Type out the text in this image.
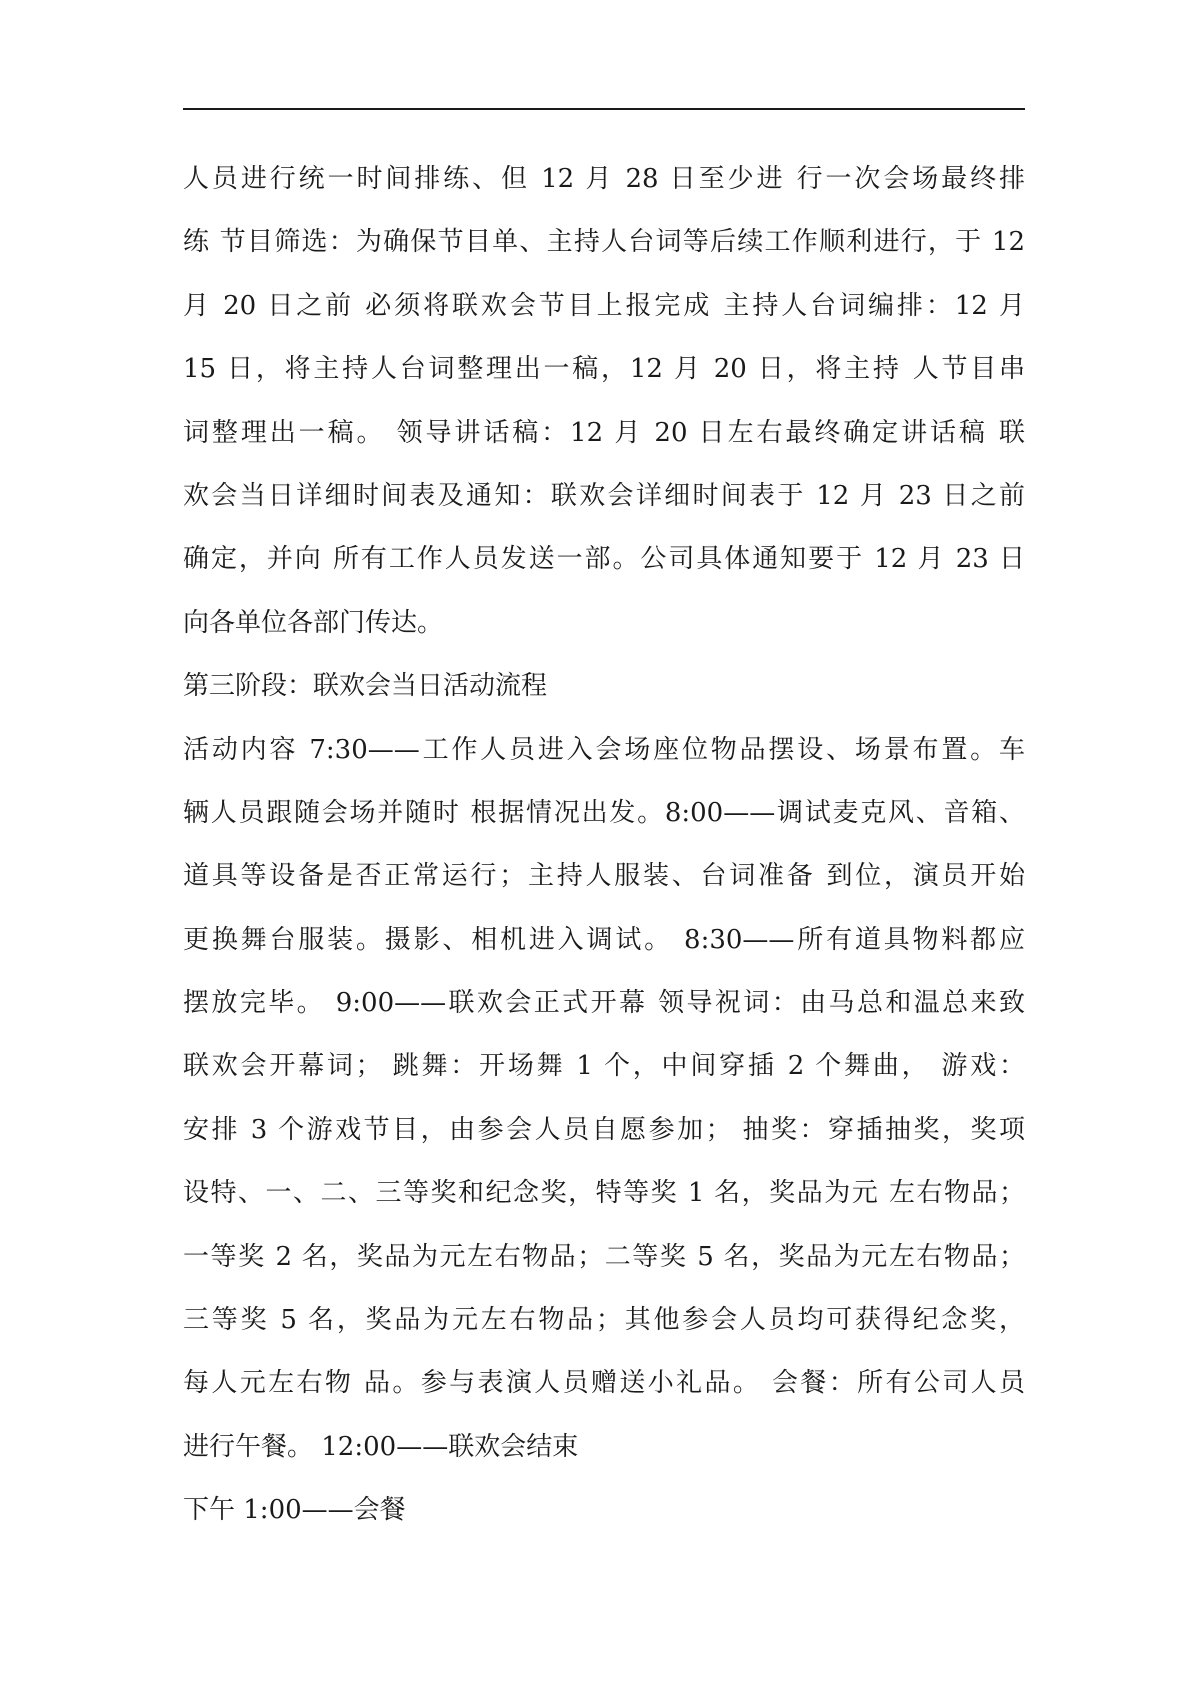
人员进行统一时间排练、但 12 月 28 日至少进 行一次会场最终排
练 节目筛选：为确保节目单、主持人台词等后续工作顺利进行，于 12
月 20 日之前 必须将联欢会节目上报完成 主持人台词编排：12 月
15 日，将主持人台词整理出一稿，12 月 20 日，将主持 人节目串
词整理出一稿。 领导讲话稿：12 月 20 日左右最终确定讲话稿 联
欢会当日详细时间表及通知：联欢会详细时间表于 12 月 23 日之前
确定，并向 所有工作人员发送一部。公司具体通知要于 12 月 23 日
向各单位各部门传达。
第三阶段：联欢会当日活动流程
活动内容 7:30——工作人员进入会场座位物品摆设、场景布置。车
辆人员跟随会场并随时 根据情况出发。8:00——调试麦克风、音箱、
道具等设备是否正常运行；主持人服装、台词准备 到位，演员开始
更换舞台服装。摄影、相机进入调试。 8:30——所有道具物料都应
摆放完毕。 9:00——联欢会正式开幕 领导祝词：由马总和温总来致
联欢会开幕词； 跳舞：开场舞 1 个，中间穿插 2 个舞曲， 游戏：
安排 3 个游戏节目，由参会人员自愿参加； 抽奖：穿插抽奖，奖项
设特、一、二、三等奖和纪念奖，特等奖 1 名，奖品为元 左右物品；
一等奖 2 名，奖品为元左右物品；二等奖 5 名，奖品为元左右物品；
三等奖 5 名，奖品为元左右物品；其他参会人员均可获得纪念奖，
每人元左右物 品。参与表演人员赠送小礼品。 会餐：所有公司人员
进行午餐。 12:00——联欢会结束
下午 1:00——会餐
